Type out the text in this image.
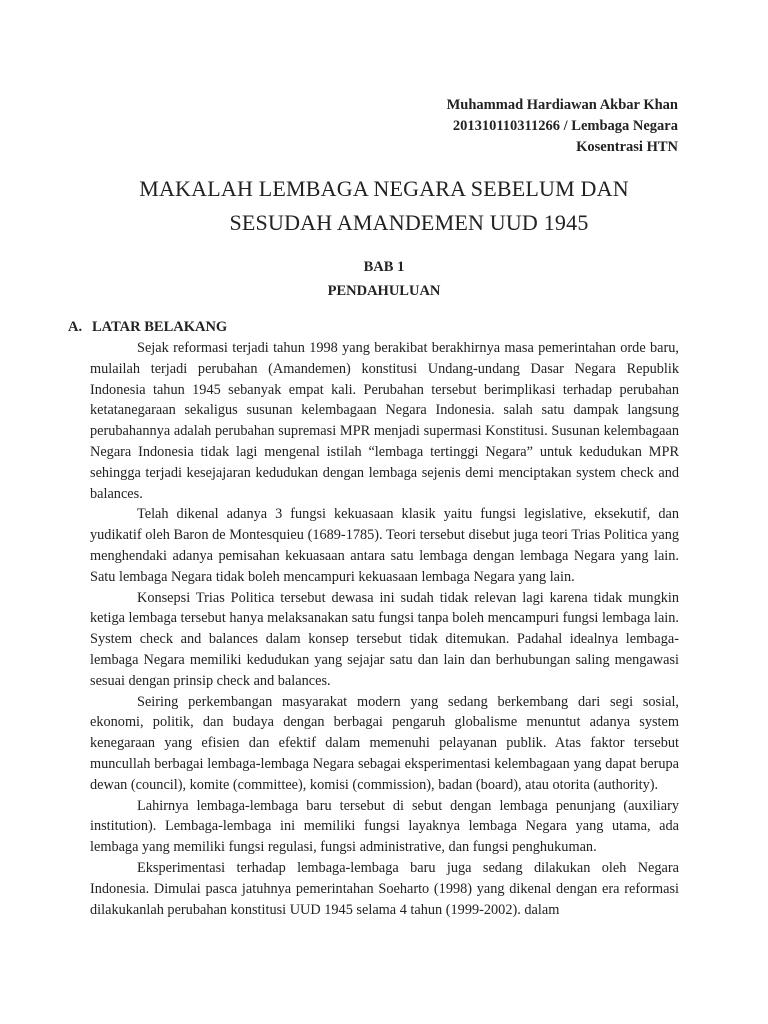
Muhammad Hardiawan Akbar Khan
201310110311266 / Lembaga Negara
Kosentrasi HTN
MAKALAH LEMBAGA NEGARA SEBELUM DAN
SESUDAH AMANDEMEN UUD 1945
BAB 1
PENDAHULUAN
A. LATAR BELAKANG

Sejak reformasi terjadi tahun 1998 yang berakibat berakhirnya masa pemerintahan orde baru, mulailah terjadi perubahan (Amandemen) konstitusi Undang-undang Dasar Negara Republik Indonesia tahun 1945 sebanyak empat kali. Perubahan tersebut berimplikasi terhadap perubahan ketatanegaraan sekaligus susunan kelembagaan Negara Indonesia. salah satu dampak langsung perubahannya adalah perubahan supremasi MPR menjadi supermasi Konstitusi. Susunan kelembagaan Negara Indonesia tidak lagi mengenal istilah “lembaga tertinggi Negara” untuk kedudukan MPR sehingga terjadi kesejajaran kedudukan dengan lembaga sejenis demi menciptakan system check and balances.

Telah dikenal adanya 3 fungsi kekuasaan klasik yaitu fungsi legislative, eksekutif, dan yudikatif oleh Baron de Montesquieu (1689-1785). Teori tersebut disebut juga teori Trias Politica yang menghendaki adanya pemisahan kekuasaan antara satu lembaga dengan lembaga Negara yang lain. Satu lembaga Negara tidak boleh mencampuri kekuasaan lembaga Negara yang lain.

Konsepsi Trias Politica tersebut dewasa ini sudah tidak relevan lagi karena tidak mungkin ketiga lembaga tersebut hanya melaksanakan satu fungsi tanpa boleh mencampuri fungsi lembaga lain. System check and balances dalam konsep tersebut tidak ditemukan. Padahal idealnya lembaga-lembaga Negara memiliki kedudukan yang sejajar satu dan lain dan berhubungan saling mengawasi sesuai dengan prinsip check and balances.

Seiring perkembangan masyarakat modern yang sedang berkembang dari segi sosial, ekonomi, politik, dan budaya dengan berbagai pengaruh globalisme menuntut adanya system kenegaraan yang efisien dan efektif dalam memenuhi pelayanan publik. Atas faktor tersebut muncullah berbagai lembaga-lembaga Negara sebagai eksperimentasi kelembagaan yang dapat berupa dewan (council), komite (committee), komisi (commission), badan (board), atau otorita (authority).

Lahirnya lembaga-lembaga baru tersebut di sebut dengan lembaga penunjang (auxiliary institution). Lembaga-lembaga ini memiliki fungsi layaknya lembaga Negara yang utama, ada lembaga yang memiliki fungsi regulasi, fungsi administrative, dan fungsi penghukuman.

Eksperimentasi terhadap lembaga-lembaga baru juga sedang dilakukan oleh Negara Indonesia. Dimulai pasca jatuhnya pemerintahan Soeharto (1998) yang dikenal dengan era reformasi dilakukanlah perubahan konstitusi UUD 1945 selama 4 tahun (1999-2002). dalam
